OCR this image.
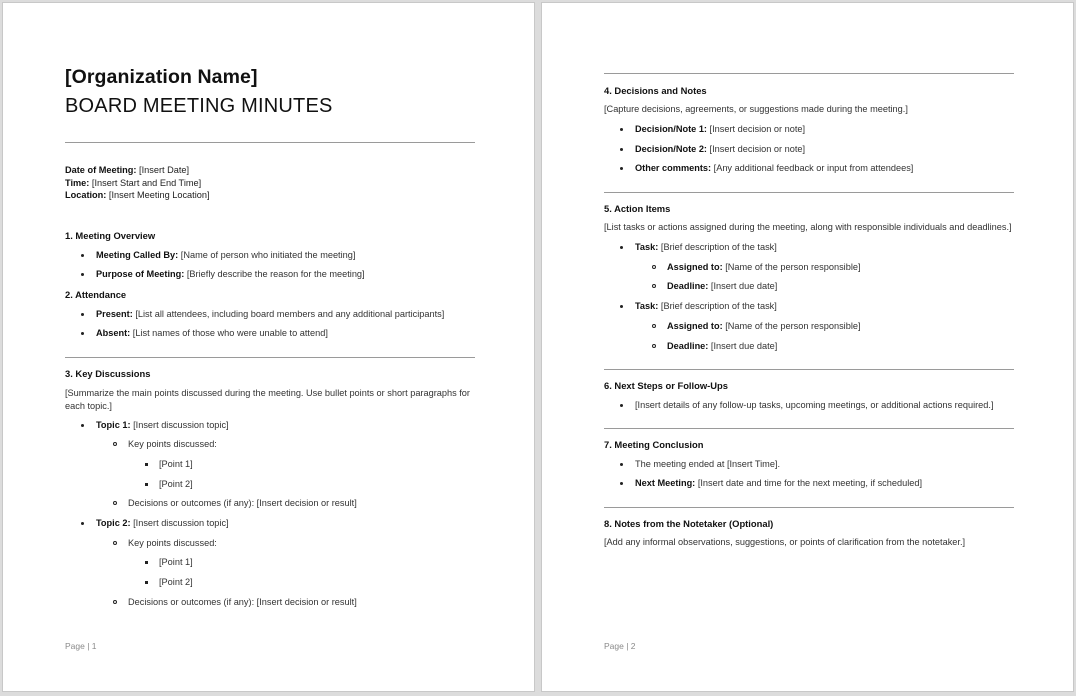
[Organization Name]
BOARD MEETING MINUTES
Date of Meeting: [Insert Date]
Time: [Insert Start and End Time]
Location: [Insert Meeting Location]
1. Meeting Overview
Meeting Called By: [Name of person who initiated the meeting]
Purpose of Meeting: [Briefly describe the reason for the meeting]
2. Attendance
Present: [List all attendees, including board members and any additional participants]
Absent: [List names of those who were unable to attend]
3. Key Discussions
[Summarize the main points discussed during the meeting. Use bullet points or short paragraphs for each topic.]
Topic 1: [Insert discussion topic]
Key points discussed:
[Point 1]
[Point 2]
Decisions or outcomes (if any): [Insert decision or result]
Topic 2: [Insert discussion topic]
Key points discussed:
[Point 1]
[Point 2]
Decisions or outcomes (if any): [Insert decision or result]
Page | 1
4. Decisions and Notes
[Capture decisions, agreements, or suggestions made during the meeting.]
Decision/Note 1: [Insert decision or note]
Decision/Note 2: [Insert decision or note]
Other comments: [Any additional feedback or input from attendees]
5. Action Items
[List tasks or actions assigned during the meeting, along with responsible individuals and deadlines.]
Task: [Brief description of the task]
Assigned to: [Name of the person responsible]
Deadline: [Insert due date]
Task: [Brief description of the task]
Assigned to: [Name of the person responsible]
Deadline: [Insert due date]
6. Next Steps or Follow-Ups
[Insert details of any follow-up tasks, upcoming meetings, or additional actions required.]
7. Meeting Conclusion
The meeting ended at [Insert Time].
Next Meeting: [Insert date and time for the next meeting, if scheduled]
8. Notes from the Notetaker (Optional)
[Add any informal observations, suggestions, or points of clarification from the notetaker.]
Page | 2
